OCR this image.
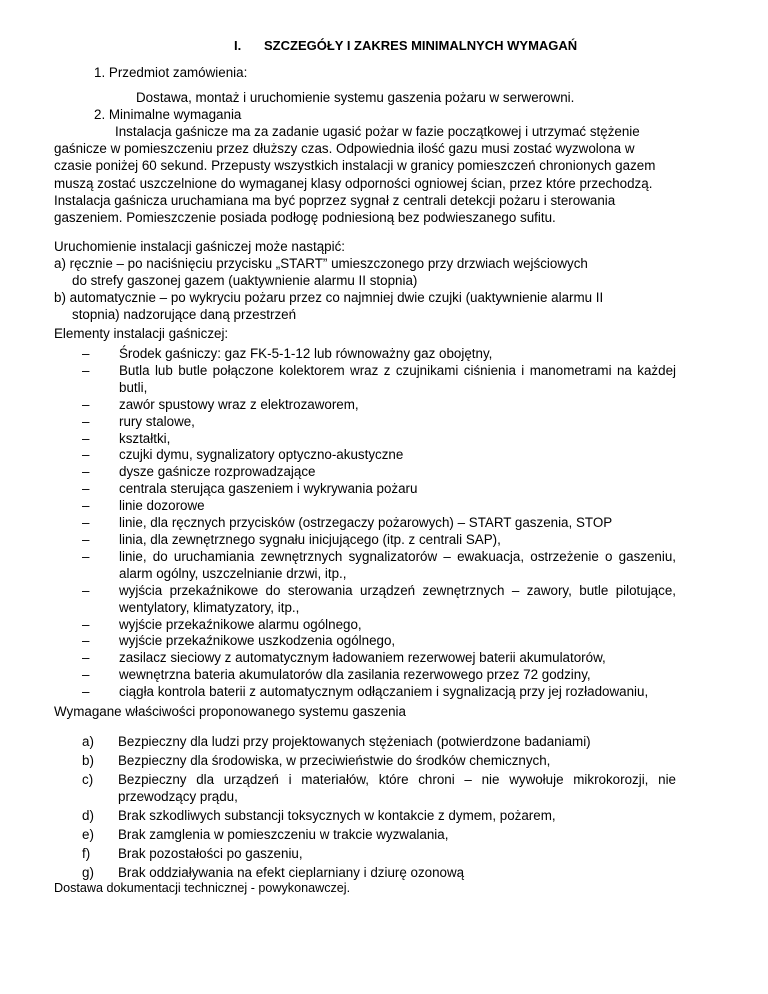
I. SZCZEGÓŁY I ZAKRES MINIMALNYCH WYMAGAŃ
1. Przedmiot zamówienia:
Dostawa, montaż i uruchomienie systemu gaszenia pożaru w serwerowni.
2. Minimalne wymagania
Instalacja gaśnicze ma za zadanie ugasić pożar w fazie początkowej i utrzymać stężenie gaśnicze w pomieszczeniu przez dłuższy czas. Odpowiednia ilość gazu musi zostać wyzwolona w czasie poniżej 60 sekund. Przepusty wszystkich instalacji w granicy pomieszczeń chronionych gazem muszą zostać uszczelnione do wymaganej klasy odporności ogniowej ścian, przez które przechodzą. Instalacja gaśnicza uruchamiana ma być poprzez sygnał z centrali detekcji pożaru i sterowania gaszeniem. Pomieszczenie posiada podłogę podniesioną bez podwieszanego sufitu.
Uruchomienie instalacji gaśniczej może nastąpić:
a) ręcznie – po naciśnięciu przycisku „START” umieszczonego przy drzwiach wejściowych
do strefy gaszonej gazem (uaktywnienie alarmu II stopnia)
b) automatycznie – po wykryciu pożaru przez co najmniej dwie czujki (uaktywnienie alarmu II
stopnia) nadzorujące daną przestrzeń
Elementy instalacji gaśniczej:
– Środek gaśniczy: gaz FK-5-1-12 lub równoważny gaz obojętny,
– Butla lub butle połączone kolektorem wraz z czujnikami ciśnienia i manometrami na każdej butli,
– zawór spustowy wraz z elektrozaworem,
– rury stalowe,
– kształtki,
– czujki dymu, sygnalizatory optyczno-akustyczne
– dysze gaśnicze rozprowadzające
– centrala sterująca gaszeniem i wykrywania pożaru
– linie dozorowe
– linie, dla ręcznych przycisków (ostrzegaczy pożarowych) – START gaszenia, STOP
– linia, dla zewnętrznego sygnału inicjującego (itp. z centrali SAP),
– linie, do uruchamiania zewnętrznych sygnalizatorów – ewakuacja, ostrzeżenie o gaszeniu, alarm ogólny, uszczelnianie drzwi, itp.,
– wyjścia przekaźnikowe do sterowania urządzeń zewnętrznych – zawory, butle pilotujące, wentylatory, klimatyzatory, itp.,
– wyjście przekaźnikowe alarmu ogólnego,
– wyjście przekaźnikowe uszkodzenia ogólnego,
– zasilacz sieciowy z automatycznym ładowaniem rezerwowej baterii akumulatorów,
– wewnętrzna bateria akumulatorów dla zasilania rezerwowego przez 72 godziny,
– ciągła kontrola baterii z automatycznym odłączaniem i sygnalizacją przy jej rozładowaniu,
Wymagane właściwości proponowanego systemu gaszenia
a) Bezpieczny dla ludzi przy projektowanych stężeniach (potwierdzone badaniami)
b) Bezpieczny dla środowiska, w przeciwieństwie do środków chemicznych,
c) Bezpieczny dla urządzeń i materiałów, które chroni – nie wywołuje mikrokorozji, nie przewodzący prądu,
d) Brak szkodliwych substancji toksycznych w kontakcie z dymem, pożarem,
e) Brak zamglenia w pomieszczeniu w trakcie wyzwalania,
f) Brak pozostałości po gaszeniu,
g) Brak oddziaływania na efekt cieplarniany i dziurę ozonową
Dostawa dokumentacji technicznej - powykonawczej.
